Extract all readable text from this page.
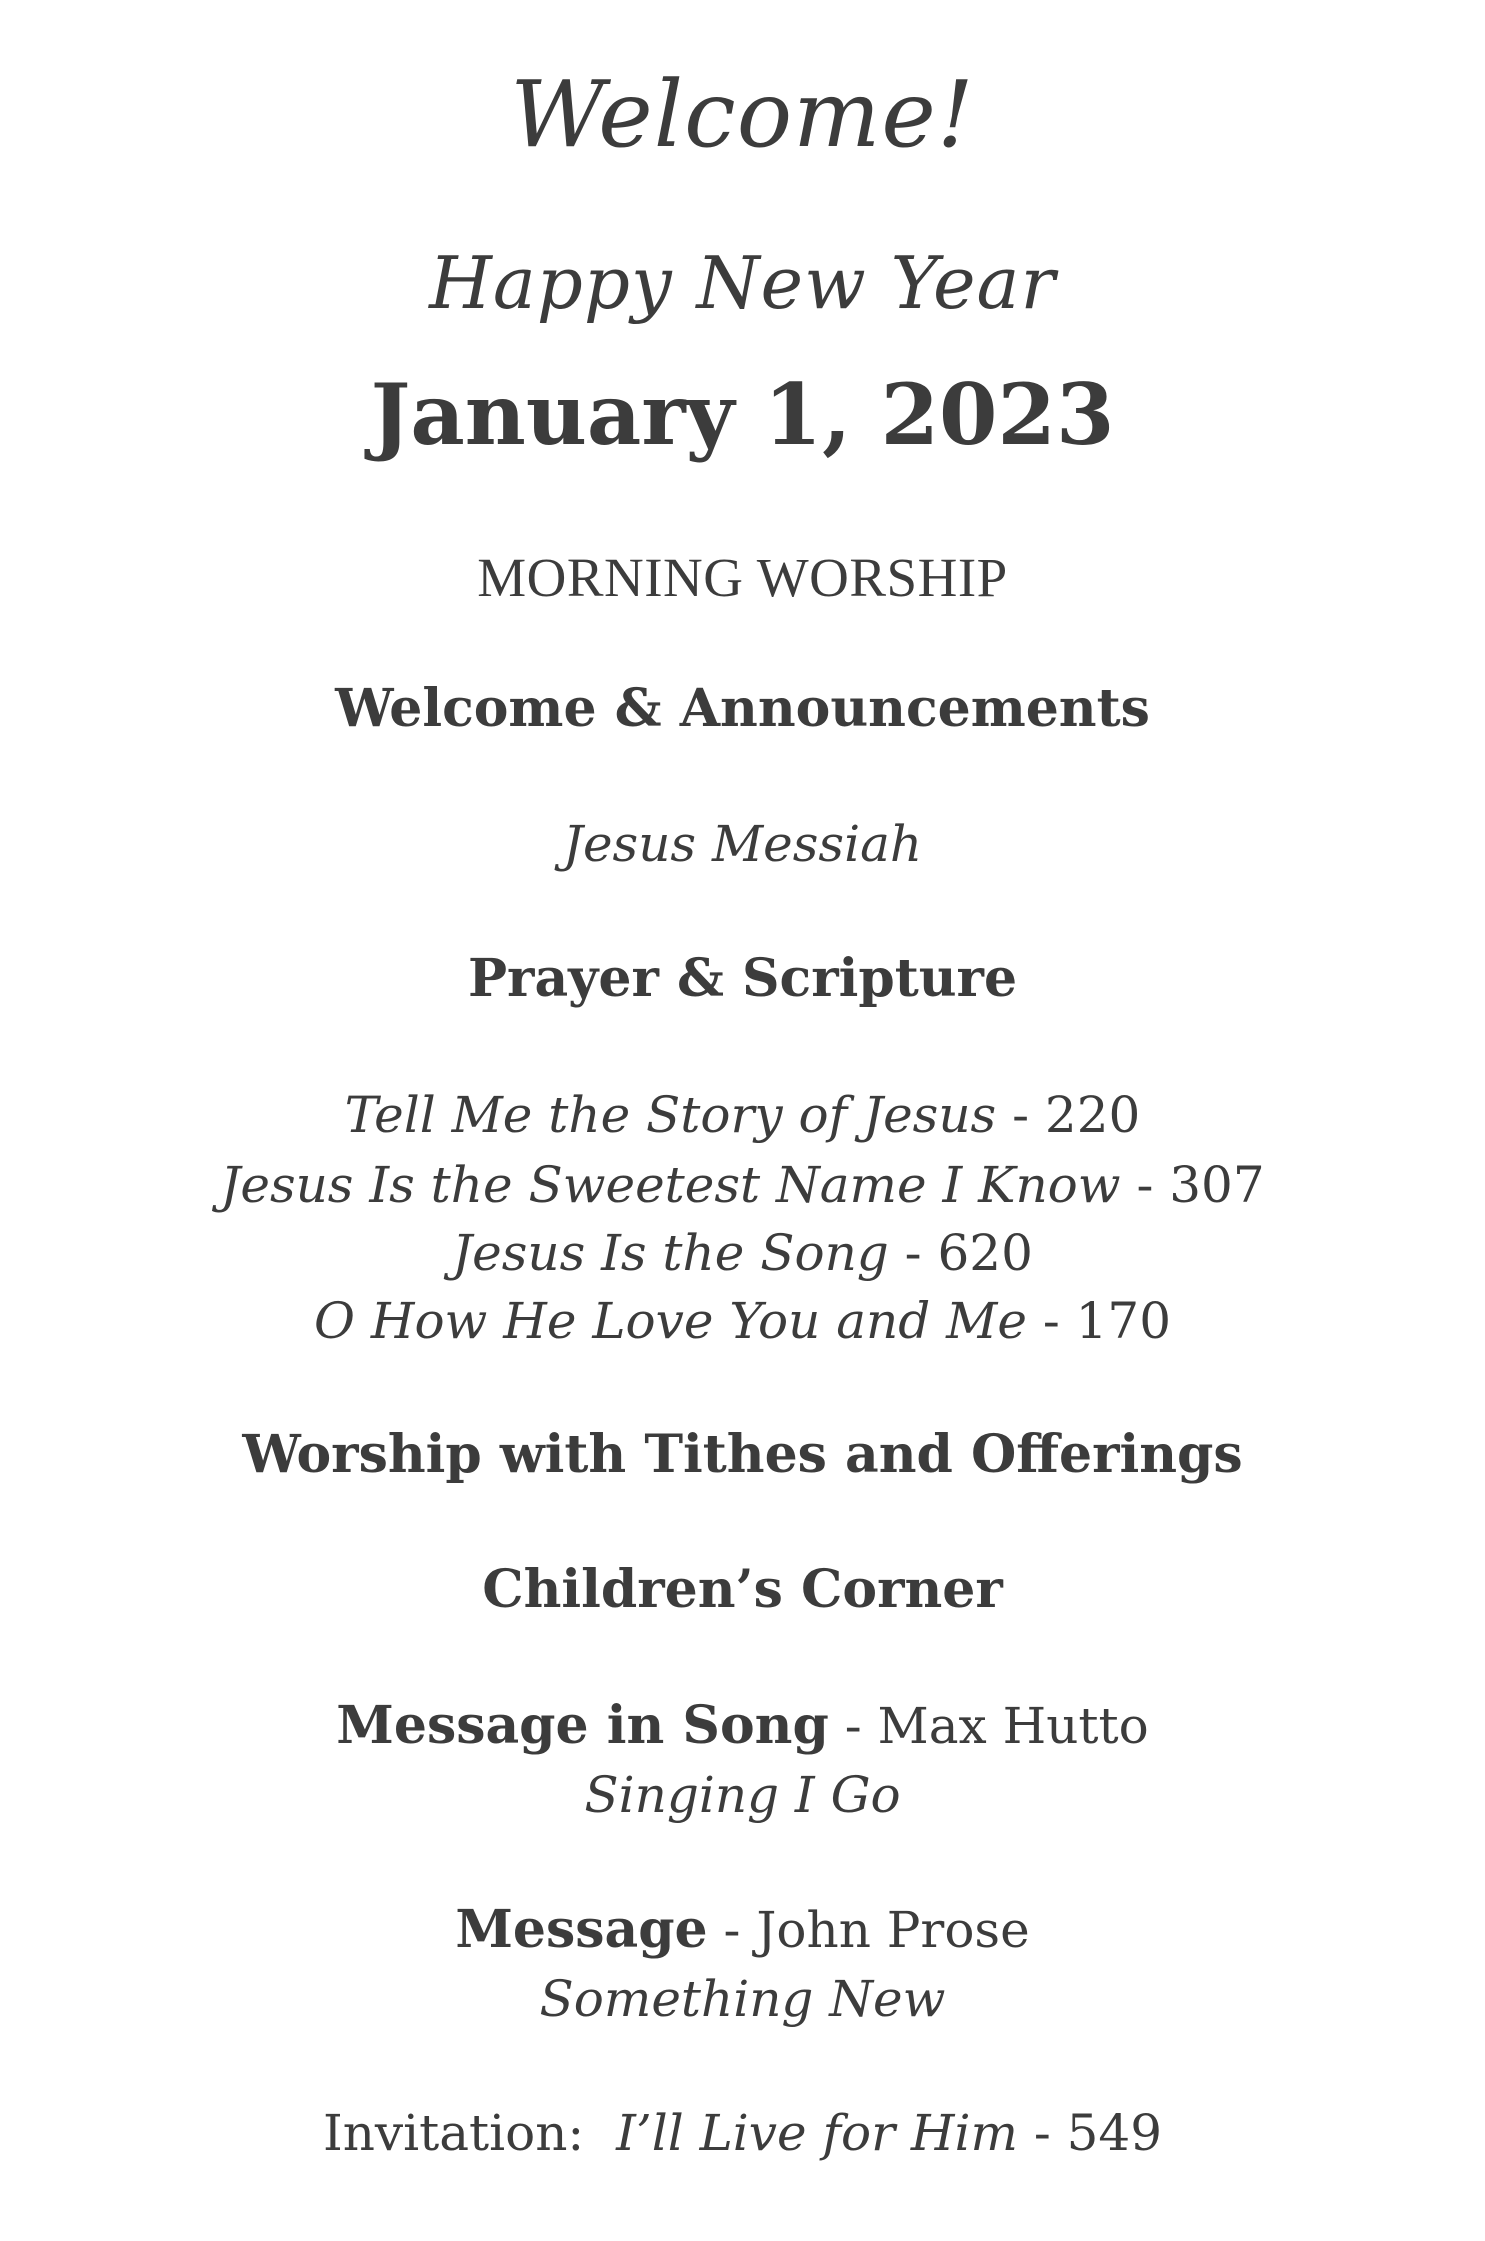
Welcome!
Happy New Year
January 1, 2023
MORNING WORSHIP
Welcome & Announcements
Jesus Messiah
Prayer & Scripture
Tell Me the Story of Jesus - 220
Jesus Is the Sweetest Name I Know - 307
Jesus Is the Song - 620
O How He Love You and Me - 170
Worship with Tithes and Offerings
Children’s Corner
Message in Song - Max Hutto
Singing I Go
Message - John Prose
Something New
Invitation: I’ll Live for Him - 549
